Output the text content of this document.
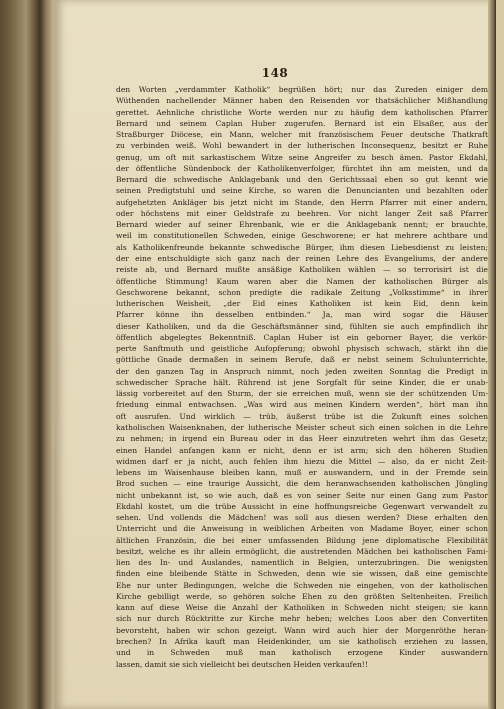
148
den Worten „verdammter Katholik“ begrüßen hört; nur das Zureden einiger dem
Wüthenden nachellender Männer haben den Reisenden vor thatsächlicher Mißhandlung
gerettet. Aehnliche christliche Worte werden nur zu häufig dem katholischen Pfarrer
Bernard und seinem Caplan Huber zugerufen. Bernard ist ein Elsaßer, aus der
Straßburger Diöcese, ein Mann, welcher mit französischem Feuer deutsche Thatkraft
zu verbinden weiß. Wohl bewandert in der lutherischen Inconsequenz, besitzt er Ruhe
genug, um oft mit sarkastischem Witze seine Angreifer zu besch ämen. Pastor Ekdahl,
der öffentliche Sündenbock der Katholikenverfolger, fürchtet ihn am meisten, und da
Bernard die schwedische Anklagebank und den Gerichtssaal eben so gut kennt wie
seinen Predigtstuhl und seine Kirche, so waren die Denuncianten und bezahlten oder
aufgehetzten Ankläger bis jetzt nicht im Stande, den Herrn Pfarrer mit einer andern,
oder höchstens mit einer Geldstrafe zu beehren. Vor nicht langer Zeit saß Pfarrer
Bernard wieder auf seiner Ehrenbank, wie er die Anklagebank nennt; er brauchte,
weil im constitutionellen Schweden, einige Geschworene; er hat mehrere achtbare und
als Katholikenfreunde bekannte schwedische Bürger, ihm diesen Liebesdienst zu leisten;
der eine entschuldigte sich ganz nach der reinen Lehre des Evangeliums, der andere
reiste ab, und Bernard mußte ansäßige Katholiken wählen — so terrorisirt ist die
öffentliche Stimmung! Kaum waren aber die Namen der katholischen Bürger als
Geschworene bekannt, schon predigte die radikale Zeitung „Volksstimme“ in ihrer
lutherischen Weisheit, „der Eid eines Katholiken ist kein Eid, denn kein
Pfarrer könne ihn desselben entbinden.“ Ja, man wird sogar die Häuser
dieser Katholiken, und da die Geschäftsmänner sind, fühlten sie auch empfindlich ihr
öffentlich abgelegtes Bekenntniß. Caplan Huber ist ein geborner Bayer, die verkör-
perte Sanftmuth und geistliche Aufopferung; obwohl physisch schwach, stärkt ihn die
göttliche Gnade dermaßen in seinem Berufe, daß er nebst seinem Schulunterrichte,
der den ganzen Tag in Anspruch nimmt, noch jeden zweiten Sonntag die Predigt in
schwedischer Sprache hält. Rührend ist jene Sorgfalt für seine Kinder, die er unab-
lässig vorbereitet auf den Sturm, der sie erreichen muß, wenn sie der schützenden Um-
friedung einmal entwachsen. „Was wird aus meinen Kindern werden“, hört man ihn
oft ausrufen. Und wirklich — trüb, äußerst trübe ist die Zukunft eines solchen
katholischen Waisenknaben, der lutherische Meister scheut sich einen solchen in die Lehre
zu nehmen; in irgend ein Bureau oder in das Heer einzutreten wehrt ihm das Gesetz;
einen Handel anfangen kann er nicht, denn er ist arm; sich den höheren Studien
widmen darf er ja nicht, auch fehlen ihm hiezu die Mittel — also, da er nicht Zeit-
lebens im Waisenhause bleiben kann, muß er auswandern, und in der Fremde sein
Brod suchen — eine traurige Aussicht, die dem heranwachsenden katholischen Jüngling
nicht unbekannt ist, so wie auch, daß es von seiner Seite nur einen Gang zum Pastor
Ekdahl kostet, um die trübe Aussicht in eine hoffnungsreiche Gegenwart verwandelt zu
sehen. Und vollends die Mädchen! was soll aus diesen werden? Diese erhalten den
Unterricht und die Anweisung in weiblichen Arbeiten von Madame Boyer, einer schon
ältlichen Französin, die bei einer umfassenden Bildung jene diplomatische Flexibilität
besitzt, welche es ihr allein ermöglicht, die austretenden Mädchen bei katholischen Fami-
lien des In- und Auslandes, namentlich in Belgien, unterzubringen. Die wenigsten
finden eine bleibende Stätte in Schweden, denn wie sie wissen, daß eine gemischte
Ehe nur unter Bedingungen, welche die Schweden nie eingehen, von der katholischen
Kirche gebilligt werde, so gehören solche Ehen zu den größten Seltenheiten. Freilich
kann auf diese Weise die Anzahl der Katholiken in Schweden nicht steigen; sie kann
sich nur durch Rücktritte zur Kirche mehr heben; welches Loos aber den Convertiten
bevorsteht, haben wir schon gezeigt. Wann wird auch hier der Morgenröthe heran-
brechen? In Afrika kauft man Heidenkinder, um sie katholisch erziehen zu lassen,
und in Schweden muß man katholisch erzogene Kinder auswandern
lassen, damit sie sich vielleicht bei deutschen Heiden verkaufen!!
